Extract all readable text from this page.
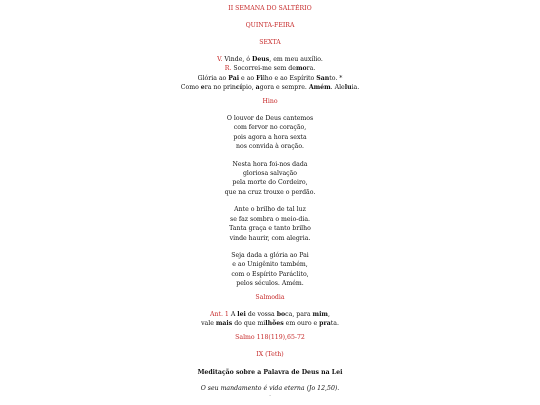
II SEMANA DO SALTÉRIO
QUINTA-FEIRA
SEXTA
V. Vinde, ó Deus, em meu auxílio.
R. Socorrei-me sem demora.
Glória ao Pai e ao Filho e ao Espírito Santo. *
Como era no princípio, agora e sempre. Amém. Aleluia.
Hino
O louvor de Deus cantemos
com fervor no coração,
pois agora a hora sexta
nos convida à oração.
Nesta hora foi-nos dada
gloriosa salvação
pela morte do Cordeiro,
que na cruz trouxe o perdão.
Ante o brilho de tal luz
se faz sombra o meio-dia.
Tanta graça e tanto brilho
vinde haurir, com alegria.
Seja dada a glória ao Pai
e ao Unigênito também,
com o Espírito Paráclito,
pelos séculos. Amém.
Salmodia
Ant. 1 A lei de vossa boca, para mim,
vale mais do que milhões em ouro e prata.
Salmo 118(119),65-72
IX (Teth)
Meditação sobre a Palavra de Deus na Lei
O seu mandamento é vida eterna (Jo 12,50).
·
